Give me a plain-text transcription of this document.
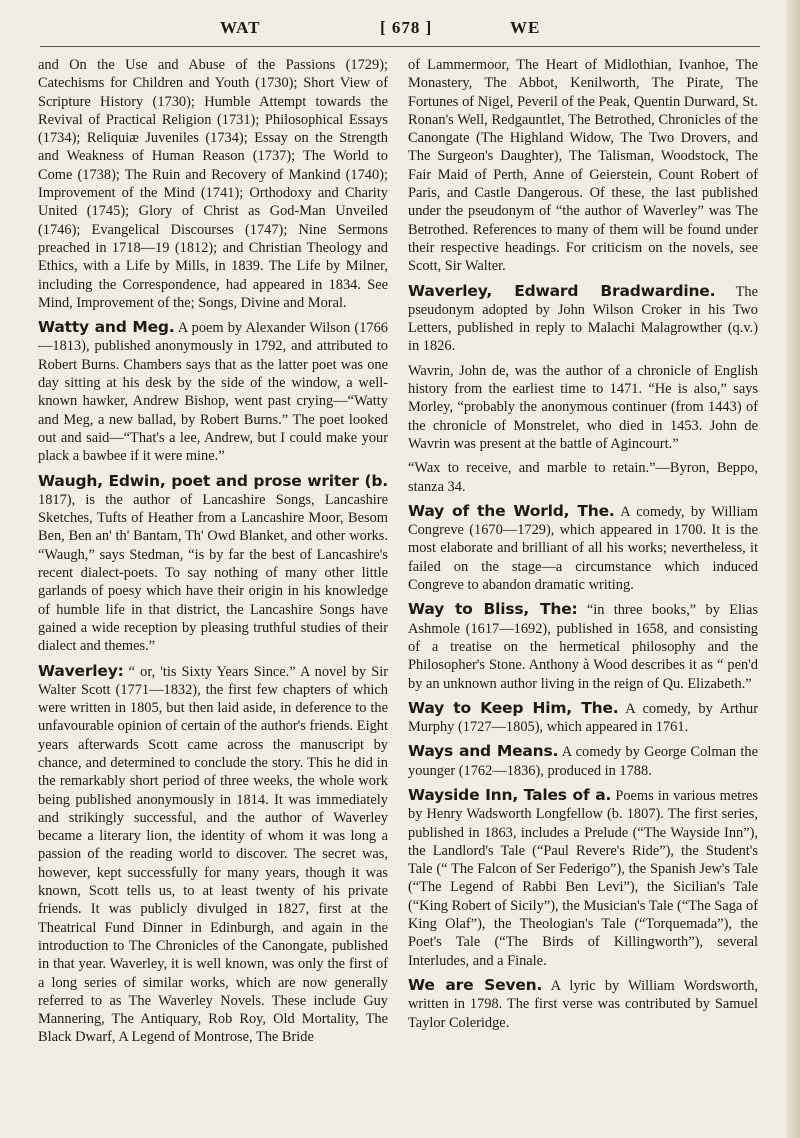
WAT	[ 678 ]	WE

and On the Use and Abuse of the Passions (1729); Catechisms for Children and Youth (1730); Short View of Scripture History (1730); Humble Attempt towards the Revival of Practical Religion (1731); Philosophical Essays (1734); Reliquiæ Juveniles (1734); Essay on the Strength and Weakness of Human Reason (1737); The World to Come (1738); The Ruin and Recovery of Mankind (1740); Improvement of the Mind (1741); Orthodoxy and Charity United (1745); Glory of Christ as God-Man Unveiled (1746); Evangelical Discourses (1747); Nine Sermons preached in 1718—19 (1812); and Christian Theology and Ethics, with a Life by Mills, in 1839. The Life by Milner, including the Correspondence, had appeared in 1834. See Mind, Improvement of the; Songs, Divine and Moral.

Watty and Meg. A poem by Alexander Wilson (1766—1813), published anonymously in 1792, and attributed to Robert Burns. Chambers says that as the latter poet was one day sitting at his desk by the side of the window, a well-known hawker, Andrew Bishop, went past crying—“Watty and Meg, a new ballad, by Robert Burns.” The poet looked out and said—“That's a lee, Andrew, but I could make your plack a bawbee if it were mine.”

Waugh, Edwin, poet and prose writer (b. 1817), is the author of Lancashire Songs, Lancashire Sketches, Tufts of Heather from a Lancashire Moor, Besom Ben, Ben an' th' Bantam, Th' Owd Blanket, and other works. “Waugh,” says Stedman, “is by far the best of Lancashire's recent dialect-poets. To say nothing of many other little garlands of poesy which have their origin in his knowledge of humble life in that district, the Lancashire Songs have gained a wide reception by pleasing truthful studies of their dialect and themes.”

Waverley: “ or, 'tis Sixty Years Since.” A novel by Sir Walter Scott (1771—1832), the first few chapters of which were written in 1805, but then laid aside, in deference to the unfavourable opinion of certain of the author's friends. Eight years afterwards Scott came across the manuscript by chance, and determined to conclude the story. This he did in the remarkably short period of three weeks, the whole work being published anonymously in 1814. It was immediately and strikingly successful, and the author of Waverley became a literary lion, the identity of whom it was long a passion of the reading world to discover. The secret was, however, kept successfully for many years, though it was known, Scott tells us, to at least twenty of his private friends. It was publicly divulged in 1827, first at the Theatrical Fund Dinner in Edinburgh, and again in the introduction to The Chronicles of the Canongate, published in that year. Waverley, it is well known, was only the first of a long series of similar works, which are now generally referred to as The Waverley Novels. These include Guy Mannering, The Antiquary, Rob Roy, Old Mortality, The Black Dwarf, A Legend of Montrose, The Bride

of Lammermoor, The Heart of Midlothian, Ivanhoe, The Monastery, The Abbot, Kenilworth, The Pirate, The Fortunes of Nigel, Peveril of the Peak, Quentin Durward, St. Ronan's Well, Redgauntlet, The Betrothed, Chronicles of the Canongate (The Highland Widow, The Two Drovers, and The Surgeon's Daughter), The Talisman, Woodstock, The Fair Maid of Perth, Anne of Geierstein, Count Robert of Paris, and Castle Dangerous. Of these, the last published under the pseudonym of “the author of Waverley” was The Betrothed. References to many of them will be found under their respective headings. For criticism on the novels, see Scott, Sir Walter.

Waverley, Edward Bradwardine. The pseudonym adopted by John Wilson Croker in his Two Letters, published in reply to Malachi Malagrowther (q.v.) in 1826.

Wavrin, John de, was the author of a chronicle of English history from the earliest time to 1471. “He is also,” says Morley, “probably the anonymous continuer (from 1443) of the chronicle of Monstrelet, who died in 1453. John de Wavrin was present at the battle of Agincourt.”

“Wax to receive, and marble to retain.”—Byron, Beppo, stanza 34.

Way of the World, The. A comedy, by William Congreve (1670—1729), which appeared in 1700. It is the most elaborate and brilliant of all his works; nevertheless, it failed on the stage—a circumstance which induced Congreve to abandon dramatic writing.

Way to Bliss, The: “in three books,” by Elias Ashmole (1617—1692), published in 1658, and consisting of a treatise on the hermetical philosophy and the Philosopher's Stone. Anthony à Wood describes it as “ pen'd by an unknown author living in the reign of Qu. Elizabeth.”

Way to Keep Him, The. A comedy, by Arthur Murphy (1727—1805), which appeared in 1761.

Ways and Means. A comedy by George Colman the younger (1762—1836), produced in 1788.

Wayside Inn, Tales of a. Poems in various metres by Henry Wadsworth Longfellow (b. 1807). The first series, published in 1863, includes a Prelude (“The Wayside Inn”), the Landlord's Tale (“Paul Revere's Ride”), the Student's Tale (“ The Falcon of Ser Federigo”), the Spanish Jew's Tale (“The Legend of Rabbi Ben Levi”), the Sicilian's Tale (“King Robert of Sicily”), the Musician's Tale (“The Saga of King Olaf”), the Theologian's Tale (“Torquemada”), the Poet's Tale (“The Birds of Killingworth”), several Interludes, and a Finale.

We are Seven. A lyric by William Wordsworth, written in 1798. The first verse was contributed by Samuel Taylor Coleridge.
